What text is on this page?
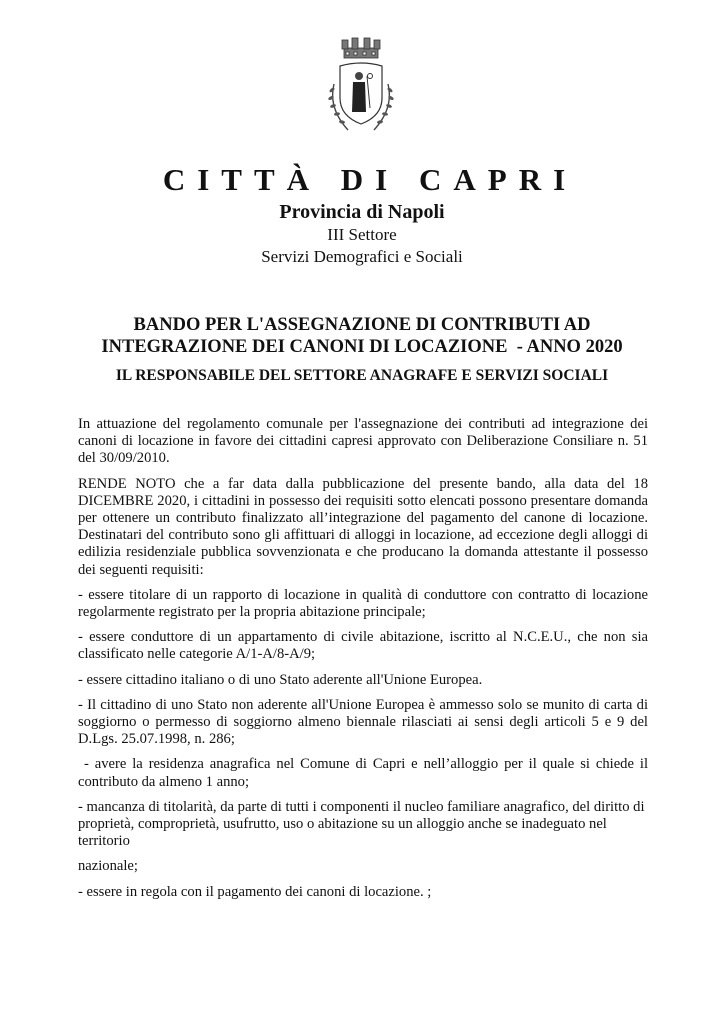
CITTÀ DI CAPRI
Provincia di Napoli
III Settore
Servizi Demografici e Sociali
BANDO PER L'ASSEGNAZIONE DI CONTRIBUTI AD
INTEGRAZIONE DEI CANONI DI LOCAZIONE  - ANNO 2020
IL RESPONSABILE DEL SETTORE ANAGRAFE E SERVIZI SOCIALI

In attuazione del regolamento comunale per l'assegnazione dei contributi ad integrazione dei canoni di locazione in favore dei cittadini capresi approvato con Deliberazione Consiliare n. 51 del 30/09/2010.

RENDE NOTO che a far data dalla pubblicazione del presente bando, alla data del 18 DICEMBRE 2020, i cittadini in possesso dei requisiti sotto elencati possono presentare domanda per ottenere un contributo finalizzato all’integrazione del pagamento del canone di locazione. Destinatari del contributo sono gli affittuari di alloggi in locazione, ad eccezione degli alloggi di edilizia residenziale pubblica sovvenzionata e che producano la domanda attestante il possesso dei seguenti requisiti:

- essere titolare di un rapporto di locazione in qualità di conduttore con contratto di locazione regolarmente registrato per la propria abitazione principale;

- essere conduttore di un appartamento di civile abitazione, iscritto al N.C.E.U., che non sia classificato nelle categorie A/1-A/8-A/9;

- essere cittadino italiano o di uno Stato aderente all'Unione Europea.

- Il cittadino di uno Stato non aderente all'Unione Europea è ammesso solo se munito di carta di soggiorno o permesso di soggiorno almeno biennale rilasciati ai sensi degli articoli 5 e 9 del D.Lgs. 25.07.1998, n. 286;

- avere la residenza anagrafica nel Comune di Capri e nell’alloggio per il quale si chiede il contributo da almeno 1 anno;

- mancanza di titolarità, da parte di tutti i componenti il nucleo familiare anagrafico, del diritto di proprietà, comproprietà, usufrutto, uso o abitazione su un alloggio anche se inadeguato nel territorio

nazionale;

- essere in regola con il pagamento dei canoni di locazione. ;
